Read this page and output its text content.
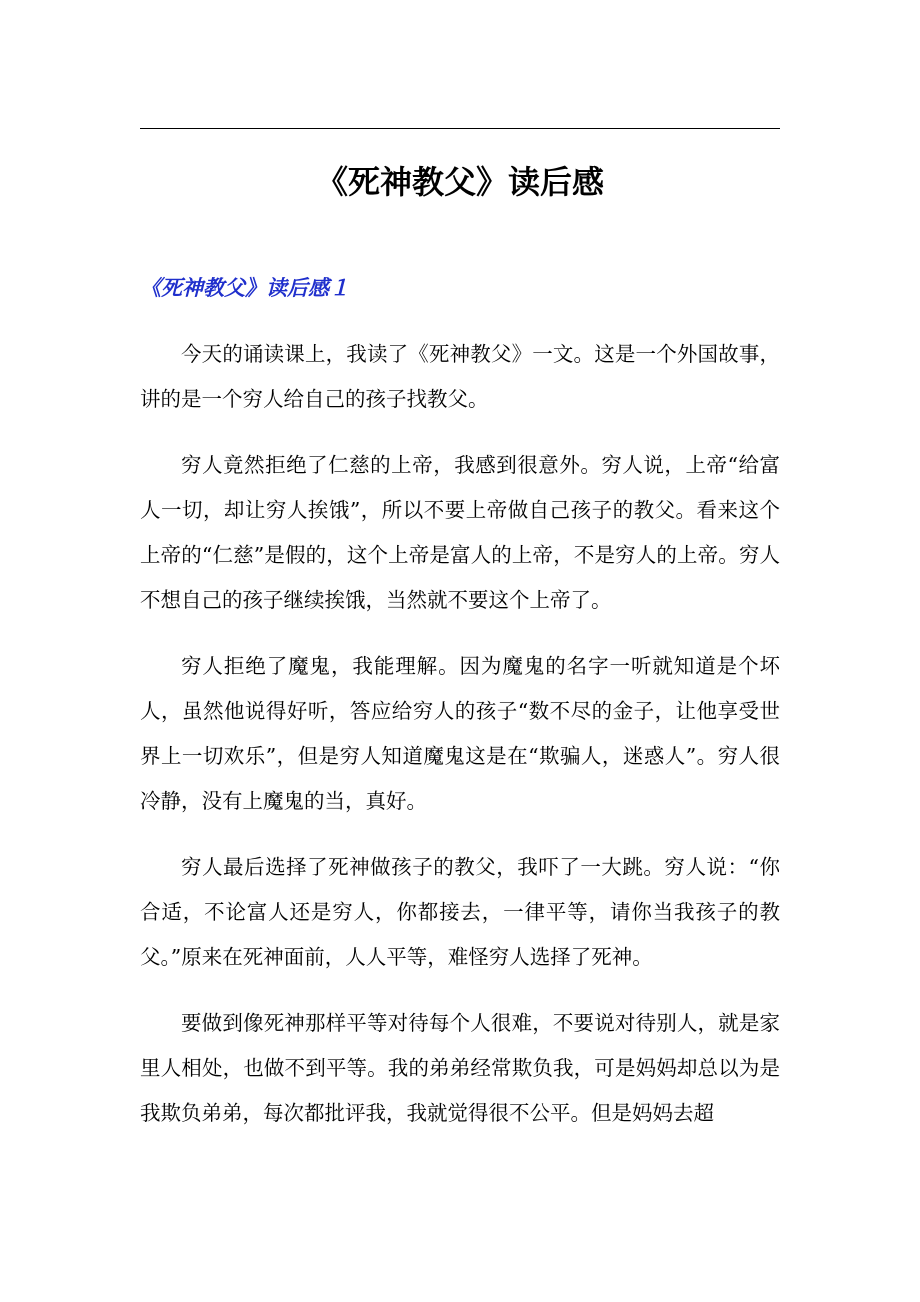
《死神教父》读后感
《死神教父》读后感１

今天的诵读课上，我读了《死神教父》一文。这是一个外国故事，讲的是一个穷人给自己的孩子找教父。

穷人竟然拒绝了仁慈的上帝，我感到很意外。穷人说，上帝“给富人一切，却让穷人挨饿”，所以不要上帝做自己孩子的教父。看来这个上帝的“仁慈”是假的，这个上帝是富人的上帝，不是穷人的上帝。穷人不想自己的孩子继续挨饿，当然就不要这个上帝了。

穷人拒绝了魔鬼，我能理解。因为魔鬼的名字一听就知道是个坏人，虽然他说得好听，答应给穷人的孩子“数不尽的金子，让他享受世界上一切欢乐”，但是穷人知道魔鬼这是在“欺骗人，迷惑人”。穷人很冷静，没有上魔鬼的当，真好。

穷人最后选择了死神做孩子的教父，我吓了一大跳。穷人说：“你合适，不论富人还是穷人，你都接去，一律平等，请你当我孩子的教父。”原来在死神面前，人人平等，难怪穷人选择了死神。

要做到像死神那样平等对待每个人很难，不要说对待别人，就是家里人相处，也做不到平等。我的弟弟经常欺负我，可是妈妈却总以为是我欺负弟弟，每次都批评我，我就觉得很不公平。但是妈妈去超
